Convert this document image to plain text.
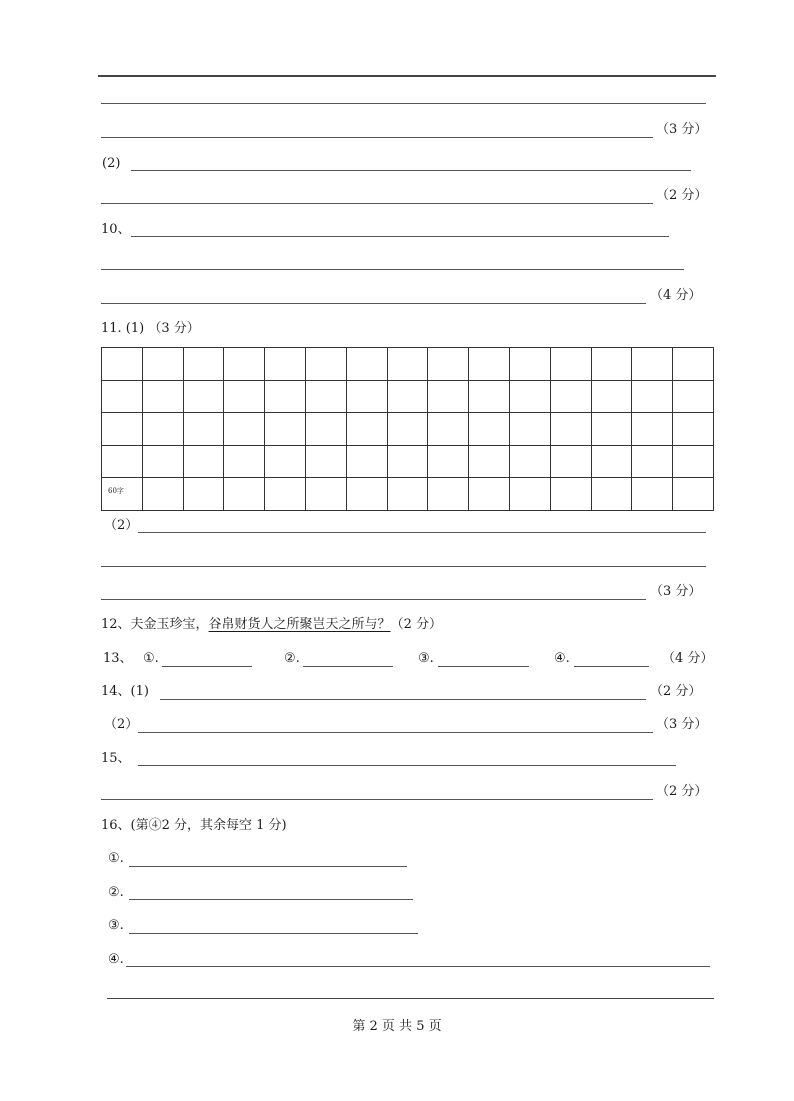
（3 分）
(2)
（2 分）
10、
（4 分）
11. (1) （3 分）

60字														

（2）
（3 分）
12、夫金玉珍宝，谷帛财货人之所聚岂天之所与？（2 分）
13、 ①.	②.	③.	④.	（4 分）
14、(1)	（2 分）
（2）	（3 分）
15、
（2 分）
16、(第④2 分，其余每空 1 分)
①.
②.
③.
④.
第 2 页 共 5 页
